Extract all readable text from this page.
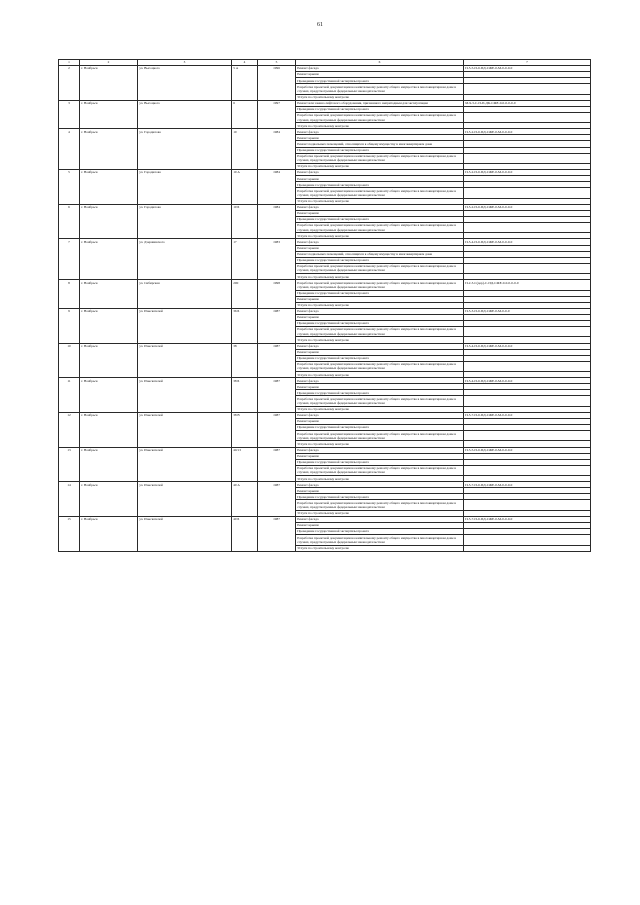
61
1	2	3	4	5	6	7
2	г. Ноябрьск	ул. Высоцкого	5 А	1996	Ремонт фасада	П-5-5-П-0-ПД-СЖЕ-0-М-0-0-0-0
					Ремонт крыши	
					Проведение государственной экспертизы проекта	
					Разработка проектной документации на капитальному ремонту общего имущества в многоквартирном доме в случаях, предусмотренных федеральным законодательством	
					Услуги по строительному контролю	
3	г. Ноябрьск	ул. Высоцкого	6	1997	Ремонт или замена лифтового оборудования, признанного непригодным для эксплуатации	М-9-3-С-П-П-ДК-СЖЕ-0-0-0-0-0-0
					Проведение государственной экспертизы проекта	
					Разработка проектной документации на капитальному ремонту общего имущества в многоквартирном доме в случаях, предусмотренных федеральным законодательством	
					Услуги по строительному контролю	
4	г. Ноябрьск	ул. Городилова	10	1984	Ремонт фасада	П-5-2-П-0-ПД-СЖЕ-0-М-0-0-0-0
					Ремонт крыши	
					Ремонт подвальных помещений, относящихся к общему имуществу в многоквартирном доме	
					Проведение государственной экспертизы проекта	
					Разработка проектной документации на капитальному ремонту общего имущества в многоквартирном доме в случаях, предусмотренных федеральным законодательством	
					Услуги по строительному контролю	
5	г. Ноябрьск	ул. Городилова	10 А	1984	Ремонт фасада	П-5-2-П-0-ПД-СЖЕ-0-М-0-0-0-0
					Ремонт крыши	
					Проведение государственной экспертизы проекта	
					Разработка проектной документации на капитальному ремонту общего имущества в многоквартирном доме в случаях, предусмотренных федеральным законодательством	
					Услуги по строительному контролю	
6	г. Ноябрьск	ул. Городилова	10 Б	1984	Ремонт фасада	П-5-2-П-0-ПД-СЖЕ-0-М-0-0-0-0
					Ремонт крыши	
					Проведение государственной экспертизы проекта	
					Разработка проектной документации на капитальному ремонту общего имущества в многоквартирном доме в случаях, предусмотренных федеральным законодательством	
					Услуги по строительному контролю	
7	г. Ноябрьск	ул. Дзержинского	17	1983	Ремонт фасада	П-5-4-П-0-ПД-СЖЕ-0-М-0-0-0-0
					Ремонт крыши	
					Ремонт подвальных помещений, относящихся к общему имуществу в многоквартирном доме	
					Проведение государственной экспертизы проекта	
					Разработка проектной документации на капитальному ремонту общего имущества в многоквартирном доме в случаях, предусмотренных федеральным законодательством	
					Услуги по строительному контролю	
8	г. Ноябрьск	ул. Сибирская	200	1998	Разработка проектной документации на капитальному ремонту общего имущества в многоквартирном доме в случаях, предусмотренных федеральным законодательством	П-2-3-С(дер)-С-ПД-СЖЕ-0-0-0-0-0-0
					Проведение государственной экспертизы проекта	
					Ремонт крыши	
					Услуги по строительному контролю	
9	г. Ноябрьск	ул. Изыскателей	36 Б	1987	Ремонт фасада	П-5-3-П-0-ПД-СЖЕ-0-М-0-0-0
					Ремонт крыши	
					Проведение государственной экспертизы проекта	
					Разработка проектной документации на капитальному ремонту общего имущества в многоквартирном доме в случаях, предусмотренных федеральным законодательством	
					Услуги по строительному контролю	
10	г. Ноябрьск	ул. Изыскателей	38	1987	Ремонт фасада	П-5-4-П-0-ПД-СЖЕ-0-М-0-0-0-0
					Ремонт крыши	
					Проведение государственной экспертизы проекта	
					Разработка проектной документации на капитальному ремонту общего имущества в многоквартирном доме в случаях, предусмотренных федеральным законодательством	
					Услуги по строительному контролю	
11	г. Ноябрьск	ул. Изыскателей	38 Б	1987	Ремонт фасада	П-5-4-П-0-ПД-СЖЕ-0-М-0-0-0-0
					Ремонт крыши	
					Проведение государственной экспертизы проекта	
					Разработка проектной документации на капитальному ремонту общего имущества в многоквартирном доме в случаях, предусмотренных федеральным законодательством	
					Услуги по строительному контролю	
12	г. Ноябрьск	ул. Изыскателей	38 В	1987	Ремонт фасада	П-5-7-П-0-ПД-СЖЕ-0-М-0-0-0-0
					Ремонт крыши	
					Проведение государственной экспертизы проекта	
					Разработка проектной документации на капитальному ремонту общего имущества в многоквартирном доме в случаях, предусмотренных федеральным законодательством	
					Услуги по строительному контролю	
13	г. Ноябрьск	ул. Изыскателей	40/13	1987	Ремонт фасада	П-5-5-П-0-ПД-СЖЕ-0-М-0-0-0-0
					Ремонт крыши	
					Проведение государственной экспертизы проекта	
					Разработка проектной документации на капитальному ремонту общего имущества в многоквартирном доме в случаях, предусмотренных федеральным законодательством	
					Услуги по строительному контролю	
14	г. Ноябрьск	ул. Изыскателей	40 А	1987	Ремонт фасада	П-5-7-П-0-ПД-СЖЕ-0-М-0-0-0-0
					Ремонт крыши	
					Проведение государственной экспертизы проекта	
					Разработка проектной документации на капитальному ремонту общего имущества в многоквартирном доме в случаях, предусмотренных федеральным законодательством	
					Услуги по строительному контролю	
15	г. Ноябрьск	ул. Изыскателей	40 Б	1987	Ремонт фасада	П-5-7-П-0-ПД-СЖЕ-0-М-0-0-0-0
					Ремонт крыши	
					Проведение государственной экспертизы проекта	
					Разработка проектной документации на капитальному ремонту общего имущества в многоквартирном доме в случаях, предусмотренных федеральным законодательством	
					Услуги по строительному контролю	
